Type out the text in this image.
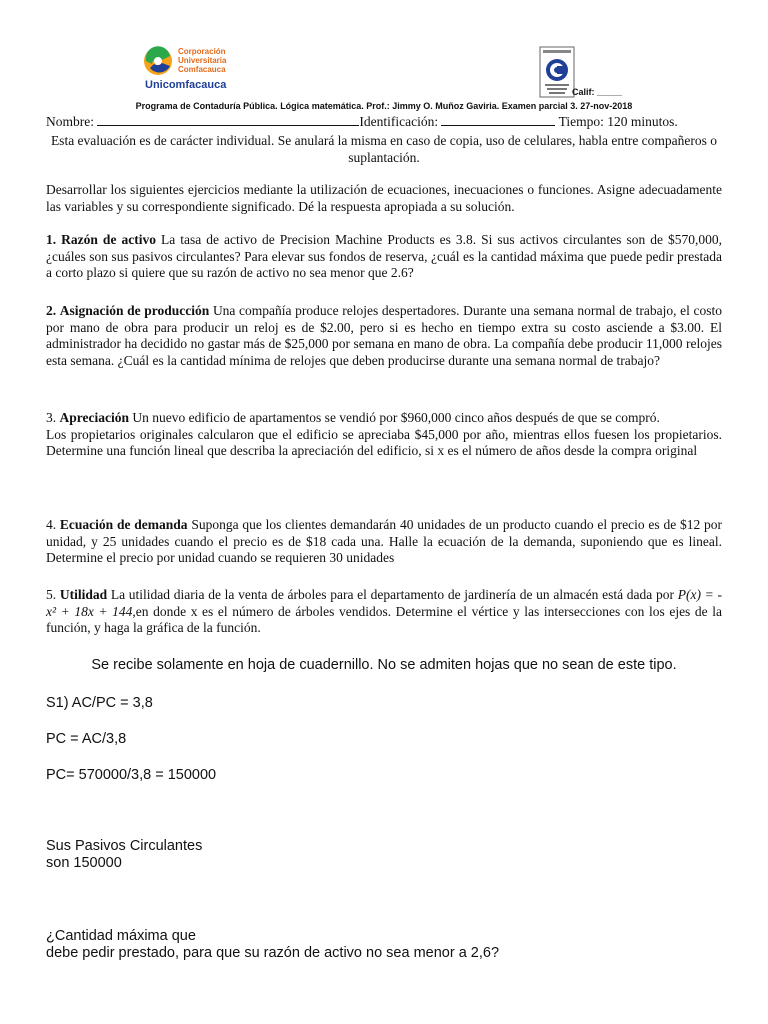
Corporación
Universitaria
Comfacauca
Unicomfacauca
Calif: _____
Programa de Contaduría Pública. Lógica matemática. Prof.: Jimmy O. Muñoz Gaviria. Examen parcial 3. 27-nov-2018
Nombre:	Identificación:	Tiempo: 120 minutos.
Esta evaluación es de carácter individual. Se anulará la misma en caso de copia, uso de celulares, habla entre compañeros o suplantación.
Desarrollar los siguientes ejercicios mediante la utilización de ecuaciones, inecuaciones o funciones. Asigne adecuadamente las variables y su correspondiente significado. Dé la respuesta apropiada a su solución.
1. Razón de activo La tasa de activo de Precision Machine Products es 3.8. Si sus activos circulantes son de $570,000, ¿cuáles son sus pasivos circulantes? Para elevar sus fondos de reserva, ¿cuál es la cantidad máxima que puede pedir prestada a corto plazo si quiere que su razón de activo no sea menor que 2.6?
2. Asignación de producción Una compañía produce relojes despertadores. Durante una semana normal de trabajo, el costo por mano de obra para producir un reloj es de $2.00, pero si es hecho en tiempo extra su costo asciende a $3.00. El administrador ha decidido no gastar más de $25,000 por semana en mano de obra. La compañía debe producir 11,000 relojes esta semana. ¿Cuál es la cantidad mínima de relojes que deben producirse durante una semana normal de trabajo?
3. Apreciación Un nuevo edificio de apartamentos se vendió por $960,000 cinco años después de que se compró.
Los propietarios originales calcularon que el edificio se apreciaba $45,000 por año, mientras ellos fuesen los propietarios. Determine una función lineal que describa la apreciación del edificio, si x es el número de años desde la compra original
4. Ecuación de demanda Suponga que los clientes demandarán 40 unidades de un producto cuando el precio es de $12 por unidad, y 25 unidades cuando el precio es de $18 cada una. Halle la ecuación de la demanda, suponiendo que es lineal. Determine el precio por unidad cuando se requieren 30 unidades
5. Utilidad La utilidad diaria de la venta de árboles para el departamento de jardinería de un almacén está dada por P(x) = -x² + 18x + 144,en donde x es el número de árboles vendidos. Determine el vértice y las intersecciones con los ejes de la función, y haga la gráfica de la función.
Se recibe solamente en hoja de cuadernillo. No se admiten hojas que no sean de este tipo.
S1) AC/PC = 3,8
PC = AC/3,8
PC= 570000/3,8 = 150000
Sus Pasivos Circulantes
son 150000
¿Cantidad máxima que
debe pedir prestado, para que su razón de activo no sea menor a 2,6?
